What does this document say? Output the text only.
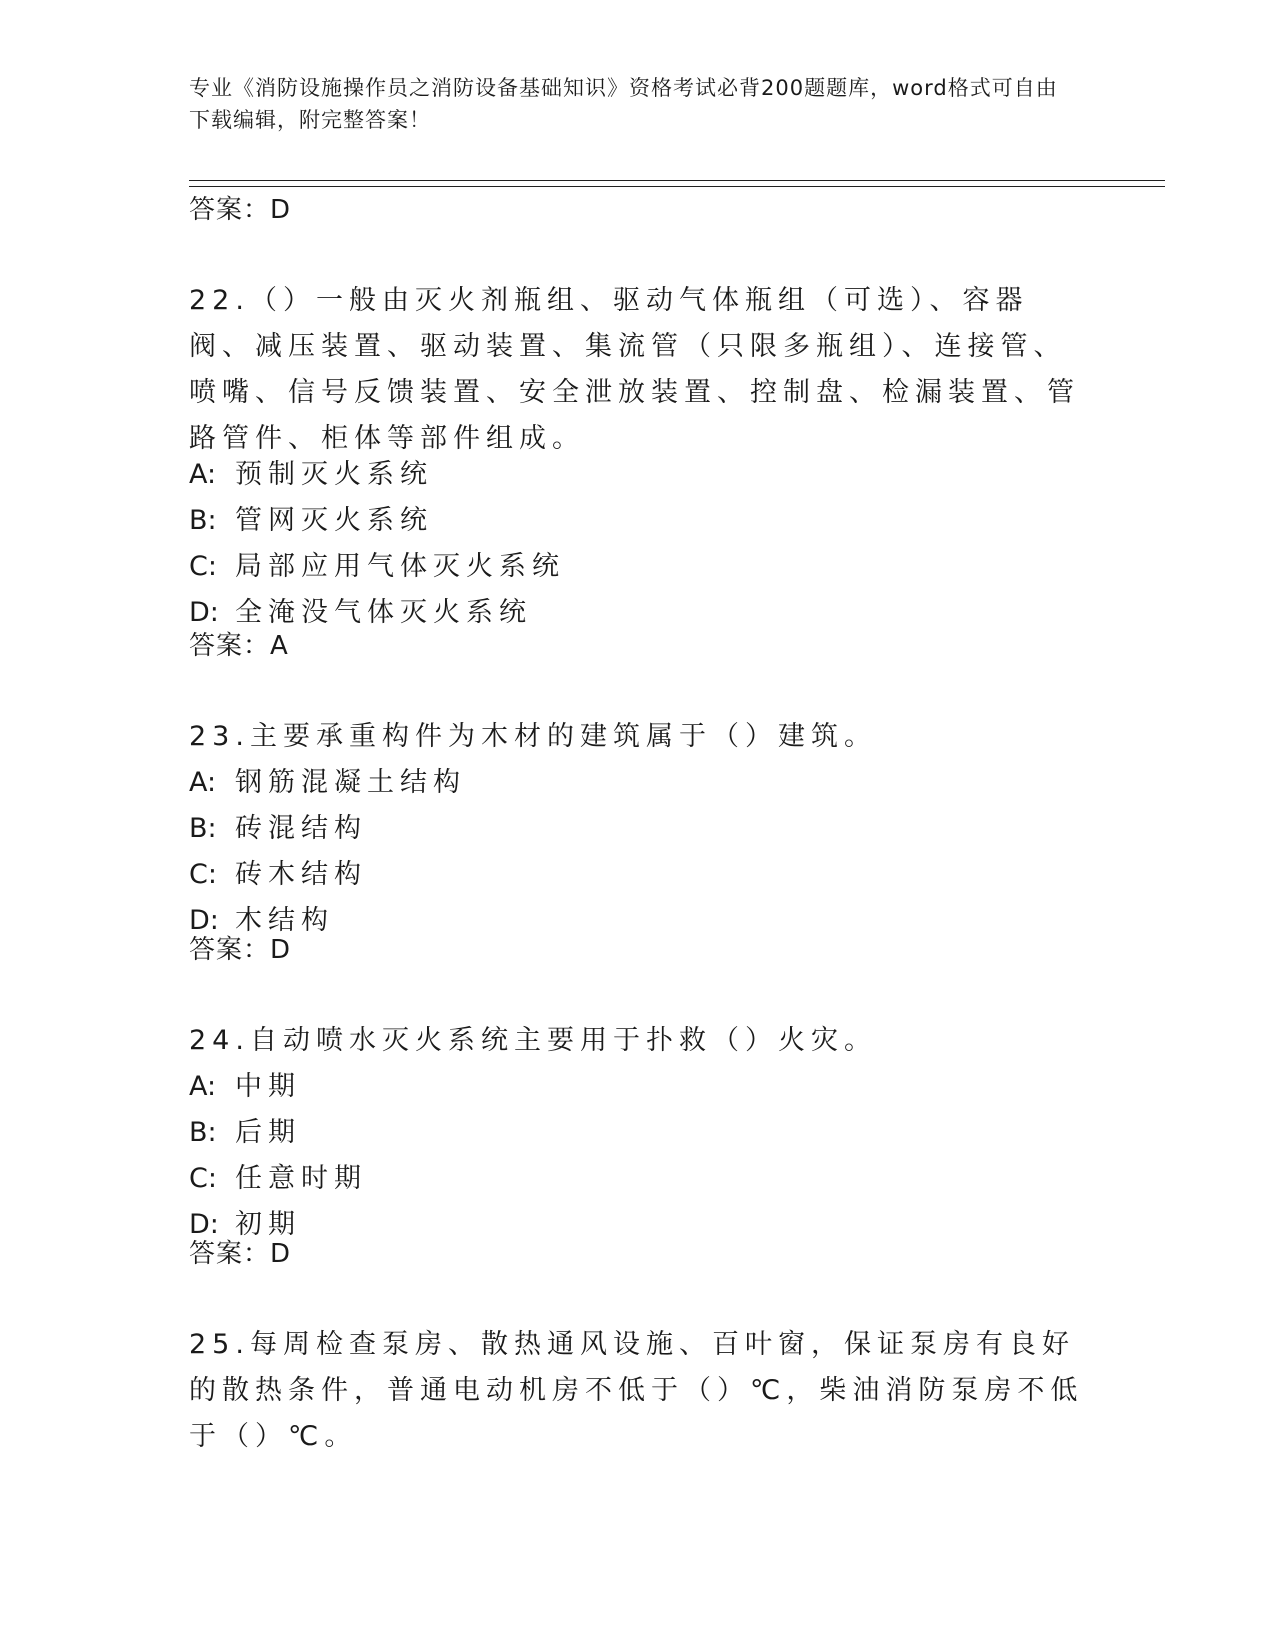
专业《消防设施操作员之消防设备基础知识》资格考试必背200题题库，word格式可自由下载编辑，附完整答案！
答案：D

22.（）一般由灭火剂瓶组、驱动气体瓶组（可选）、容器阀、减压装置、驱动装置、集流管（只限多瓶组）、连接管、喷嘴、信号反馈装置、安全泄放装置、控制盘、检漏装置、管路管件、柜体等部件组成。

A: 预制灭火系统

B: 管网灭火系统

C: 局部应用气体灭火系统

D: 全淹没气体灭火系统

答案：A

23.主要承重构件为木材的建筑属于（）建筑。

A: 钢筋混凝土结构

B: 砖混结构

C: 砖木结构

D: 木结构

答案：D

24.自动喷水灭火系统主要用于扑救（）火灾。

A: 中期

B: 后期

C: 任意时期

D: 初期

答案：D

25.每周检查泵房、散热通风设施、百叶窗，保证泵房有良好的散热条件，普通电动机房不低于（）℃，柴油消防泵房不低于（）℃。
